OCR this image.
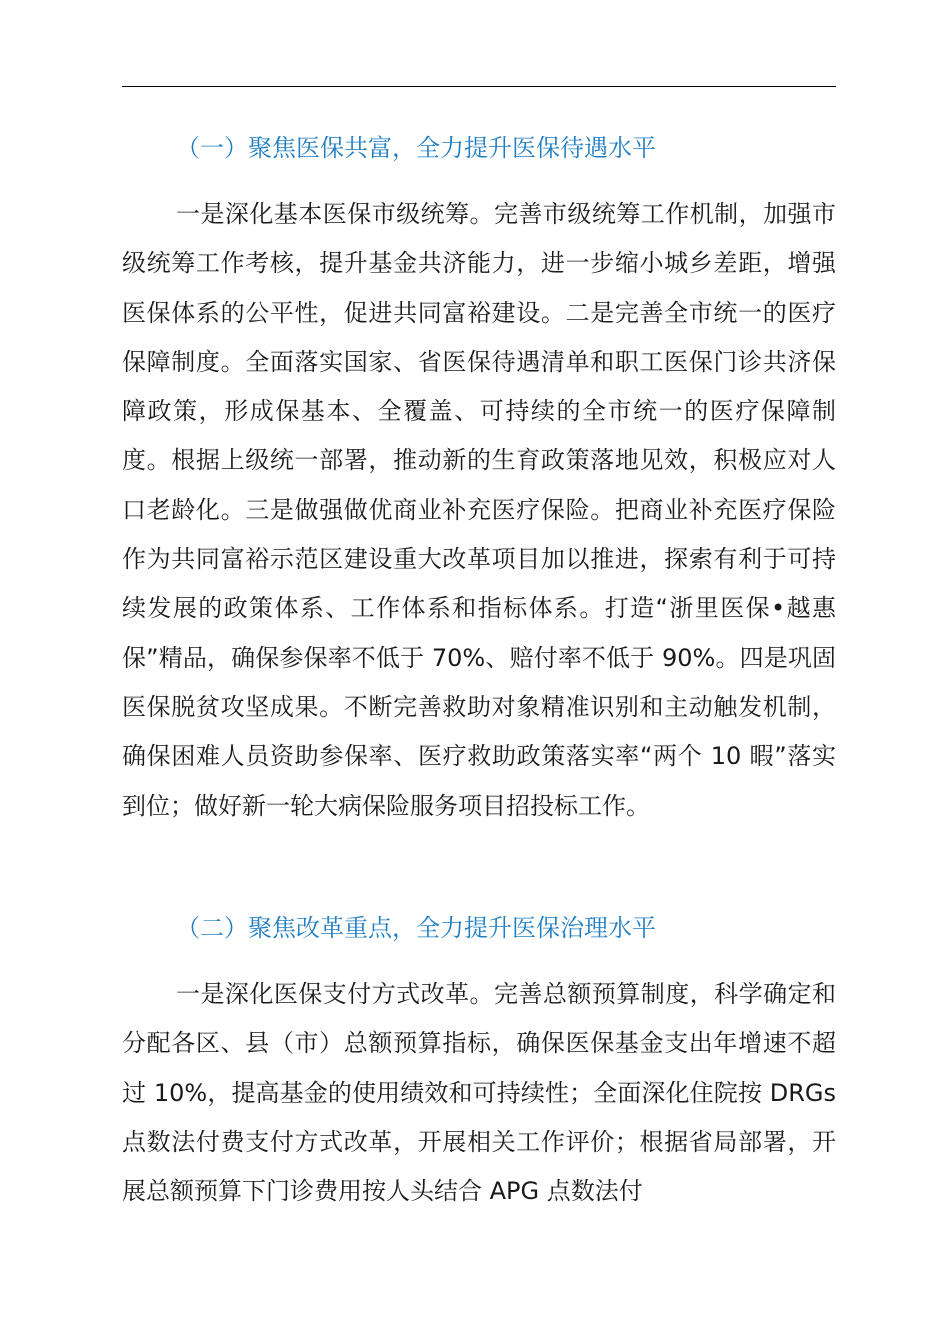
（一）聚焦医保共富，全力提升医保待遇水平

一是深化基本医保市级统筹。完善市级统筹工作机制，加强市级统筹工作考核，提升基金共济能力，进一步缩小城乡差距，增强医保体系的公平性，促进共同富裕建设。二是完善全市统一的医疗保障制度。全面落实国家、省医保待遇清单和职工医保门诊共济保障政策，形成保基本、全覆盖、可持续的全市统一的医疗保障制度。根据上级统一部署，推动新的生育政策落地见效，积极应对人口老龄化。三是做强做优商业补充医疗保险。把商业补充医疗保险作为共同富裕示范区建设重大改革项目加以推进，探索有利于可持续发展的政策体系、工作体系和指标体系。打造“浙里医保•越惠保”精品，确保参保率不低于 70%、赔付率不低于 90%。四是巩固医保脱贫攻坚成果。不断完善救助对象精准识别和主动触发机制，确保困难人员资助参保率、医疗救助政策落实率“两个 10 暇”落实到位；做好新一轮大病保险服务项目招投标工作。

（二）聚焦改革重点，全力提升医保治理水平

一是深化医保支付方式改革。完善总额预算制度，科学确定和分配各区、县（市）总额预算指标，确保医保基金支出年增速不超过 10%，提高基金的使用绩效和可持续性；全面深化住院按 DRGs 点数法付费支付方式改革，开展相关工作评价；根据省局部署，开展总额预算下门诊费用按人头结合 APG 点数法付
